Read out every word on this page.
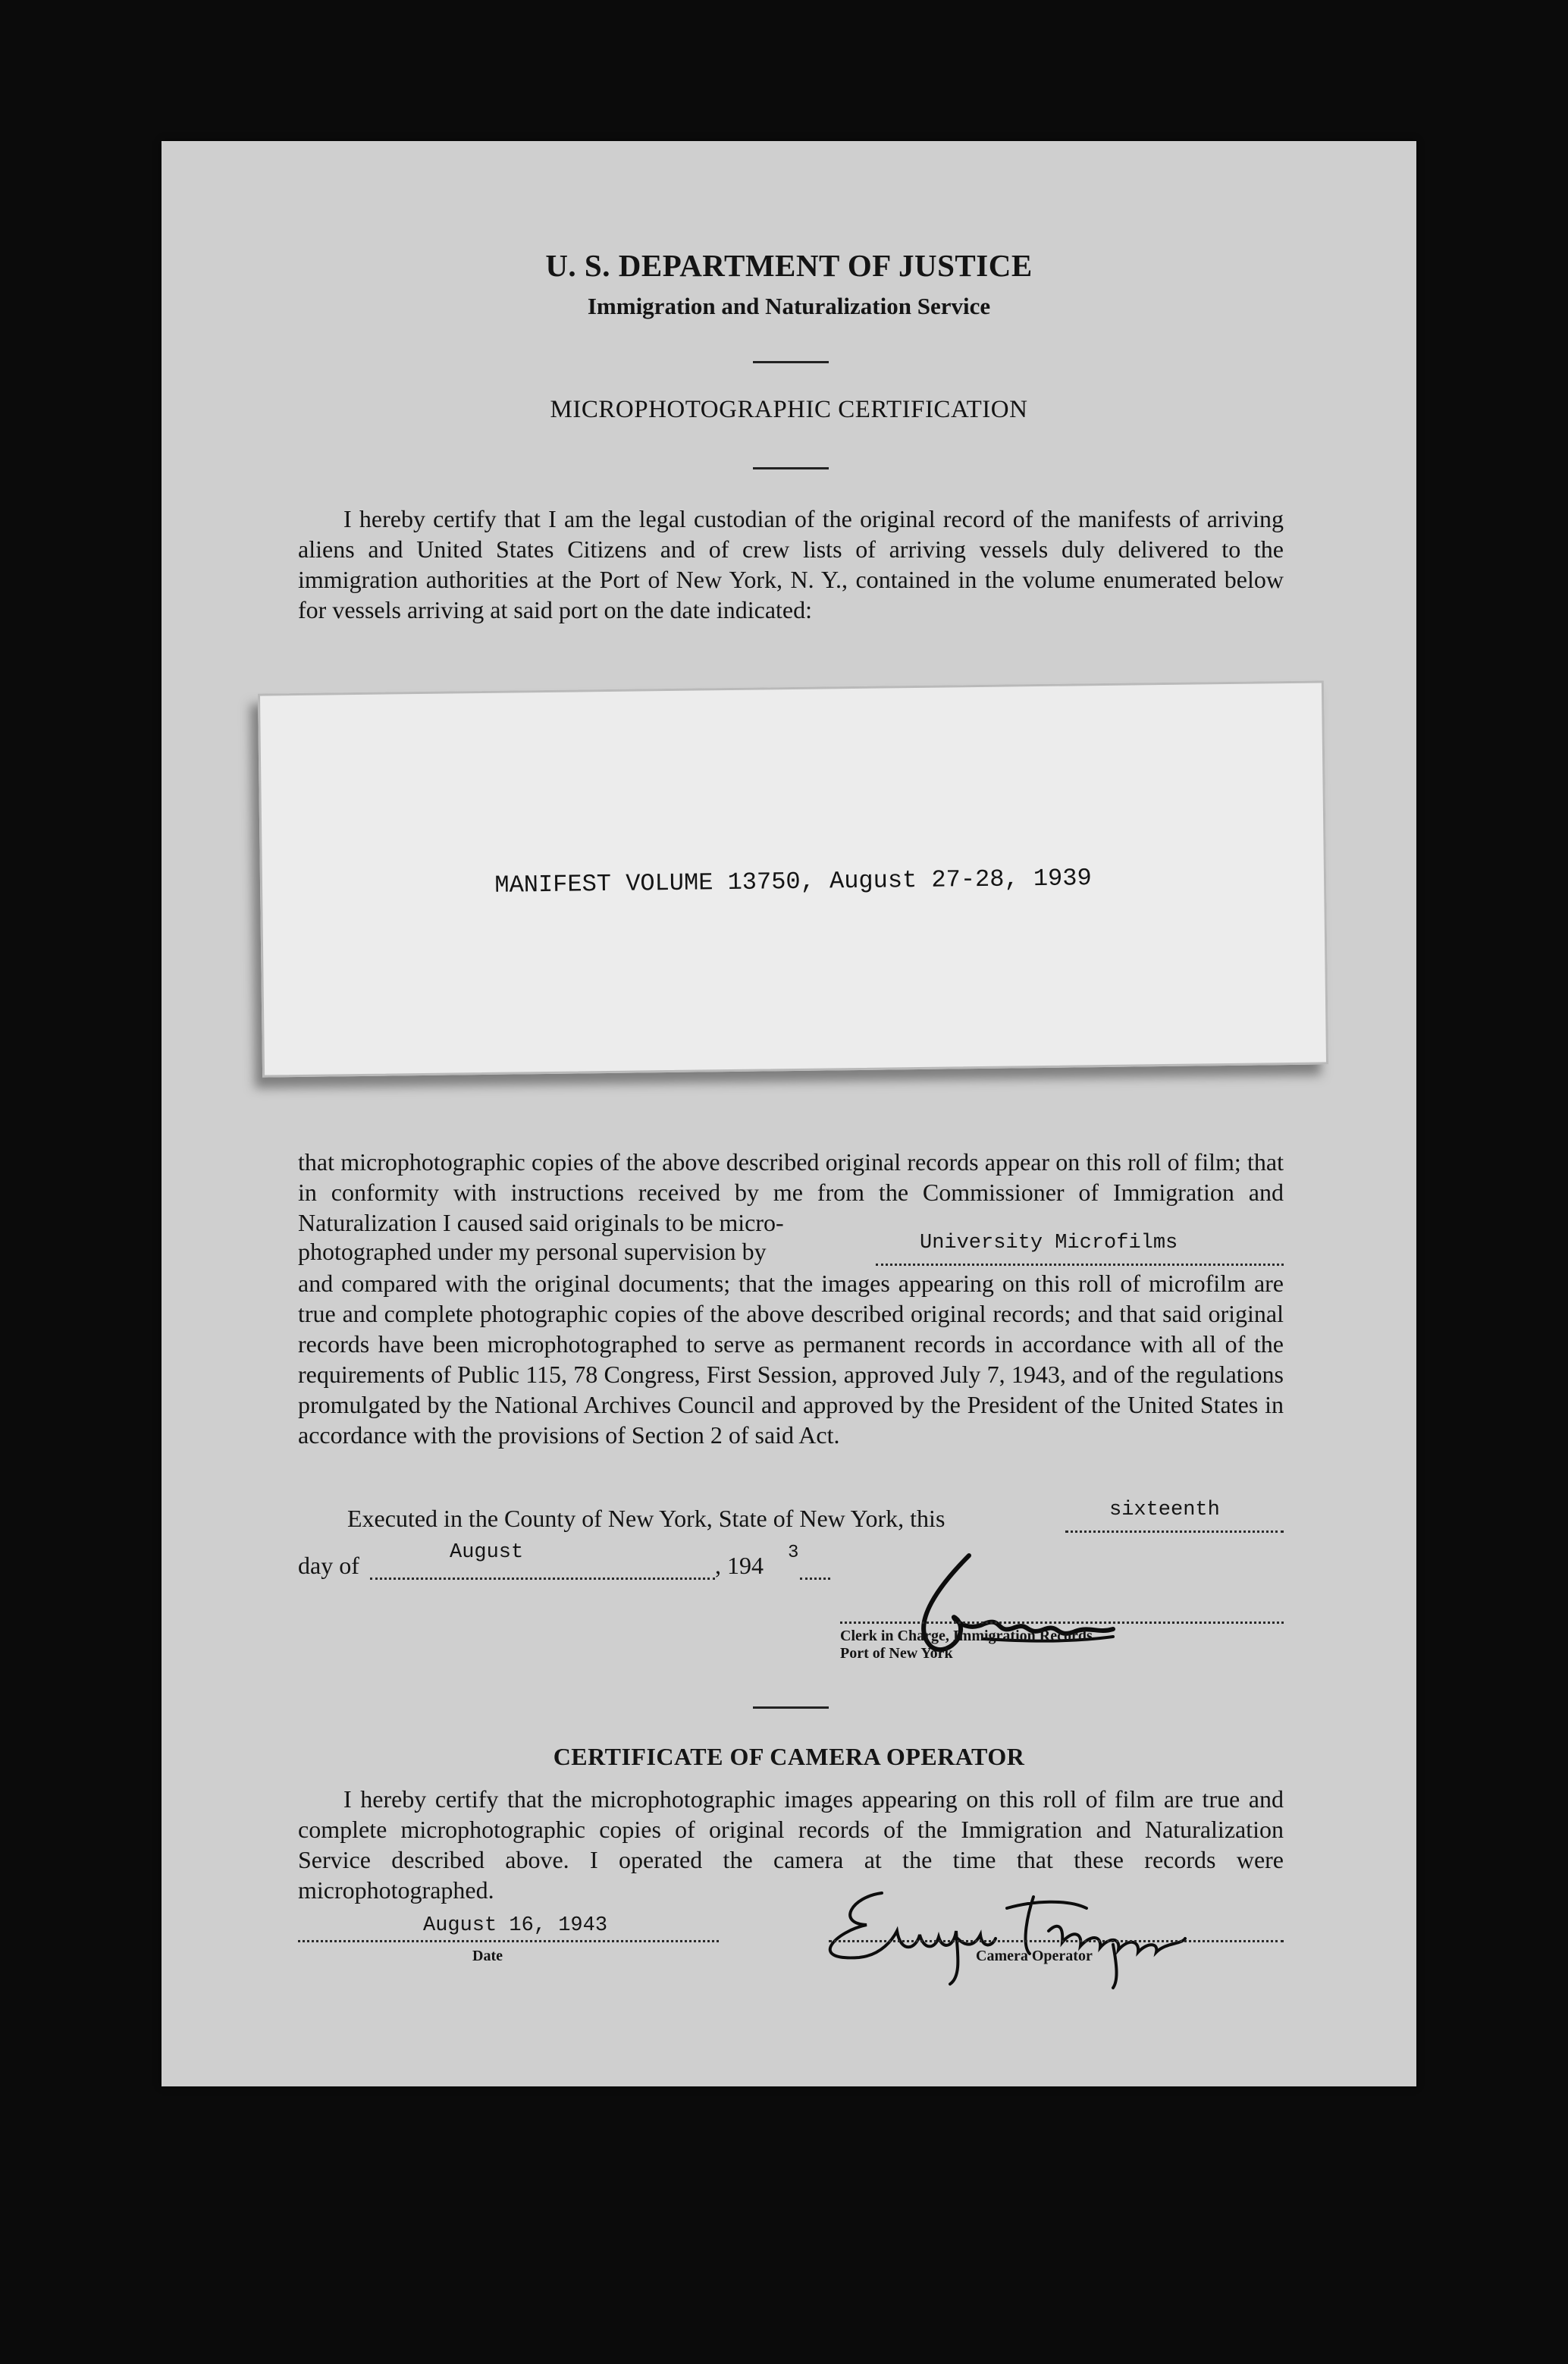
U. S. DEPARTMENT OF JUSTICE
Immigration and Naturalization Service
MICROPHOTOGRAPHIC CERTIFICATION
I hereby certify that I am the legal custodian of the original record of the manifests of arriving aliens and United States Citizens and of crew lists of arriving vessels duly delivered to the immigration authorities at the Port of New York, N. Y., contained in the volume enumerated below for vessels arriving at said port on the date indicated:
MANIFEST VOLUME 13750, August 27-28, 1939
that microphotographic copies of the above described original records appear on this roll of film; that in conformity with instructions received by me from the Commissioner of Immigration and Naturalization I caused said originals to be micro-
photographed under my personal supervision by	University Microfilms
and compared with the original documents; that the images appearing on this roll of microfilm are true and complete photographic copies of the above described original records; and that said original records have been microphotographed to serve as permanent records in accordance with all of the requirements of Public 115, 78 Congress, First Session, approved July 7, 1943, and of the regulations promulgated by the National Archives Council and approved by the President of the United States in accordance with the provisions of Section 2 of said Act.
Executed in the County of New York, State of New York, this	sixteenth
day of	August	, 194 3
Clerk in Charge, Immigration Records
Port of New York
CERTIFICATE OF CAMERA OPERATOR
I hereby certify that the microphotographic images appearing on this roll of film are true and complete microphotographic copies of original records of the Immigration and Naturalization Service described above. I operated the camera at the time that these records were microphotographed.
August 16, 1943
Date	Camera Operator
